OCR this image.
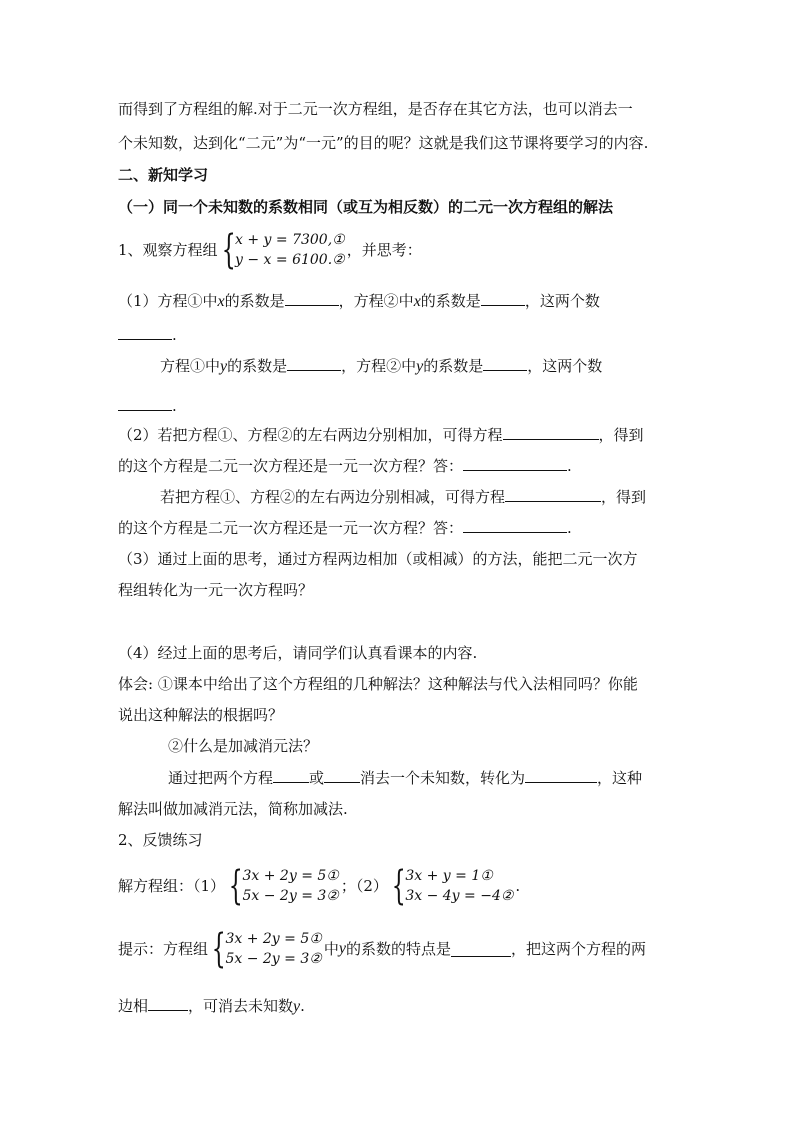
而得到了方程组的解.对于二元一次方程组，是否存在其它方法，也可以消去一
个未知数，达到化“二元”为“一元”的目的呢？这就是我们这节课将要学习的内容.
二、新知学习
（一）同一个未知数的系数相同（或互为相反数）的二元一次方程组的解法
1、观察方程组 { x + y = 7300,①
y − x = 6100.②
，并思考：
（1）方程①中x的系数是	，方程②中x的系数是	，这两个数
.
方程①中y的系数是	，方程②中y的系数是	，这两个数
.
（2）若把方程①、方程②的左右两边分别相加，可得方程	，得到
的这个方程是二元一次方程还是一元一次方程？答：	.
若把方程①、方程②的左右两边分别相减，可得方程	，得到
的这个方程是二元一次方程还是一元一次方程？答：	.
（3）通过上面的思考，通过方程两边相加（或相减）的方法，能把二元一次方
程组转化为一元一次方程吗？
（4）经过上面的思考后，请同学们认真看课本的内容.
体会: ①课本中给出了这个方程组的几种解法？这种解法与代入法相同吗？你能
说出这种解法的根据吗？
②什么是加减消元法？
通过把两个方程 或 消去一个未知数，转化为	，这种
解法叫做加减消元法，简称加减法.
2、反馈练习
解方程组：（1） { 3x + 2y = 5①
5x − 2y = 3②
；（2） { 3x + y = 1①
3x − 4y = −4②
.
提示：方程组 { 3x + 2y = 5①
5x − 2y = 3②
中 y 的系数的特点是	，把这两个方程的两
边相	，可消去未知数y.
